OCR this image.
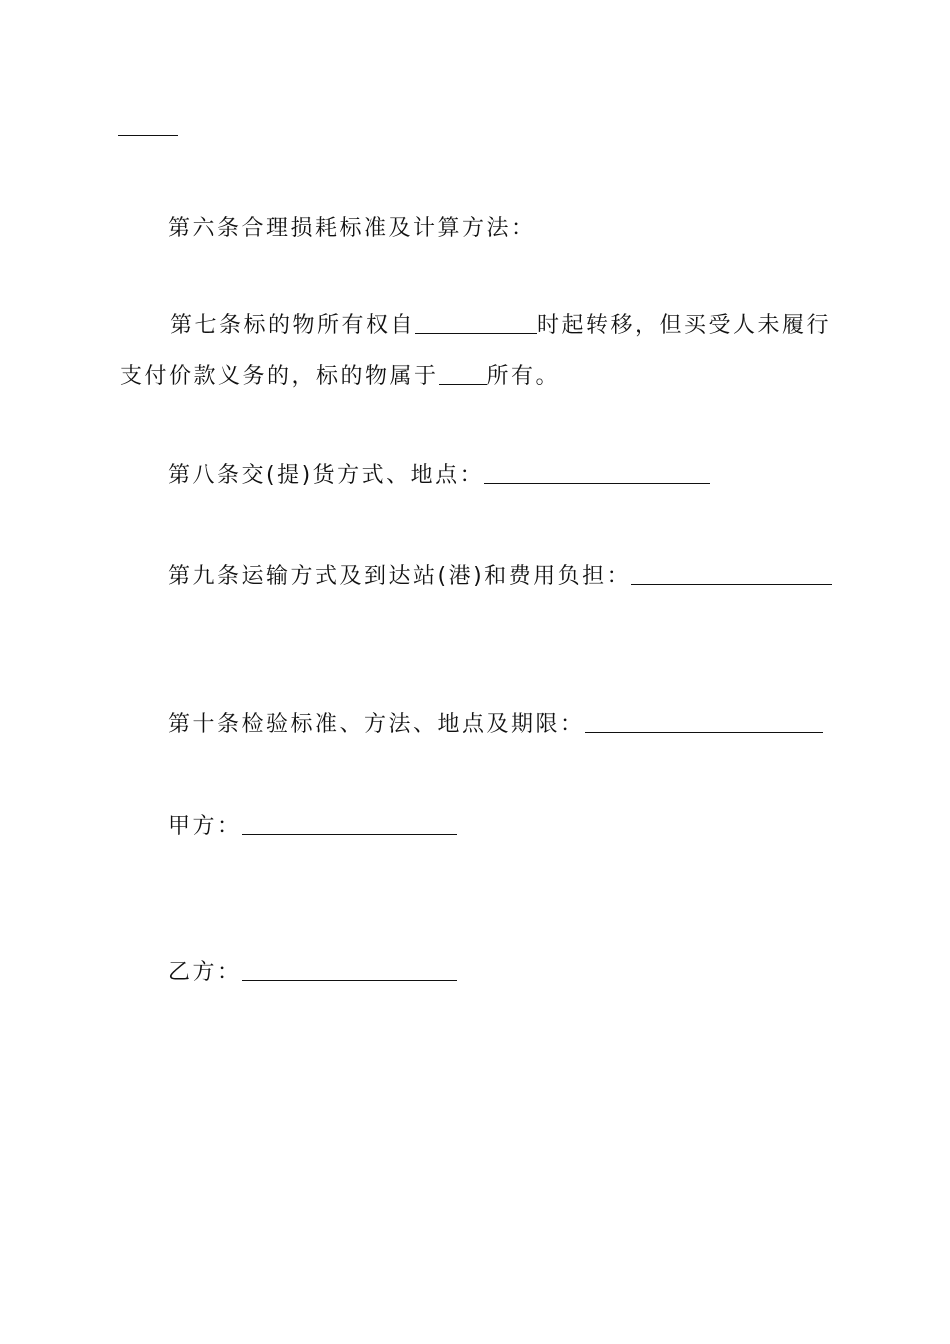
第六条合理损耗标准及计算方法：
第七条标的物所有权自	时起转移，但买受人未履行
支付价款义务的，标的物属于 所有。
第八条交(提)货方式、地点：
第九条运输方式及到达站(港)和费用负担：
第十条检验标准、方法、地点及期限：
甲方：
乙方：
